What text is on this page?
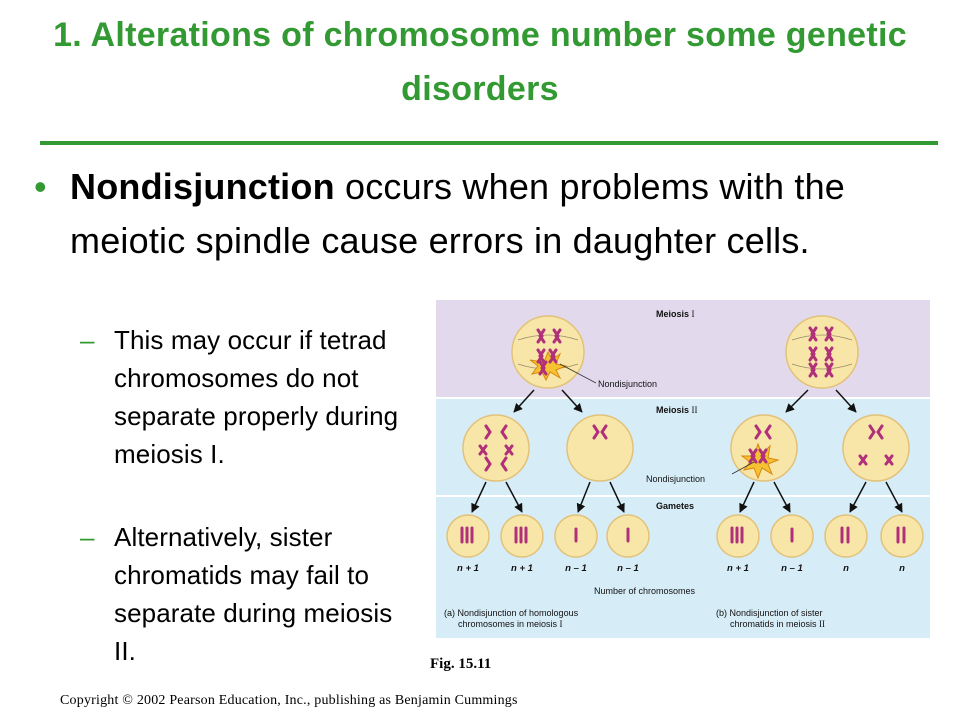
1. Alterations of chromosome number some genetic disorders
• Nondisjunction occurs when problems with the meiotic spindle cause errors in daughter cells.
– This may occur if tetrad chromosomes do not separate properly during meiosis I.
– Alternatively, sister chromatids may fail to separate during meiosis II.
Meiosis I
Meiosis II
Gametes
Nondisjunction
Nondisjunction
n + 1	n + 1	n – 1	n – 1	n + 1	n – 1	n	n
Number of chromosomes
(a) Nondisjunction of homologous
chromosomes in meiosis I
(b) Nondisjunction of sister
chromatids in meiosis II
Fig. 15.11
Copyright © 2002 Pearson Education, Inc., publishing as Benjamin Cummings
